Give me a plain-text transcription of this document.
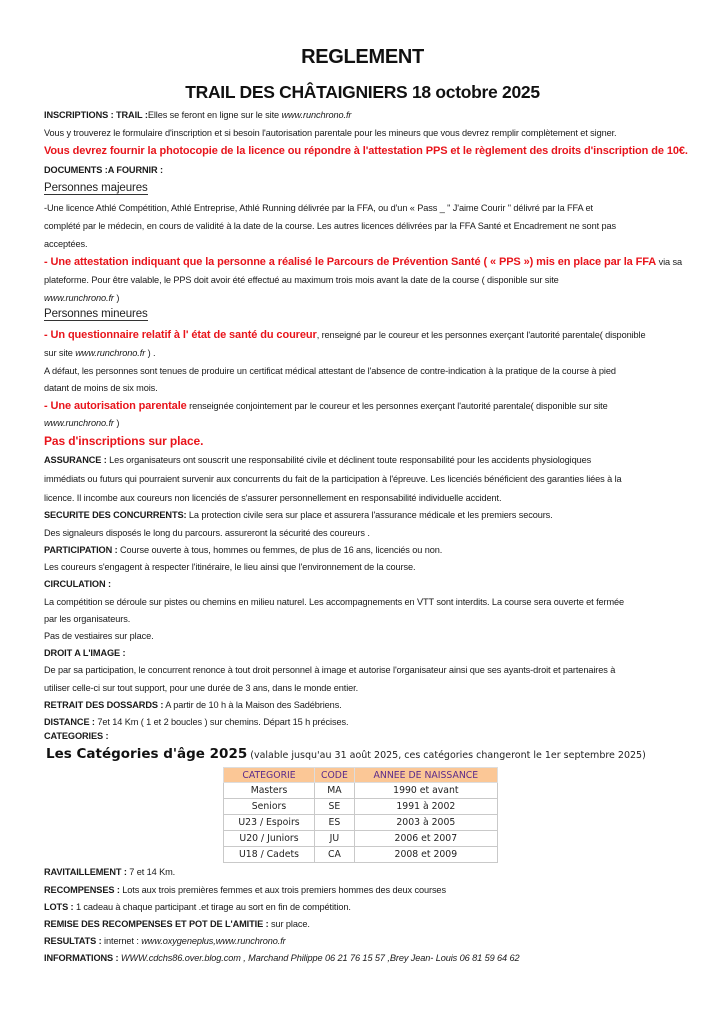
REGLEMENT
TRAIL DES CHÂTAIGNIERS 18 octobre 2025
INSCRIPTIONS : TRAIL :Elles se feront en ligne sur le site www.runchrono.fr
Vous y trouverez le formulaire d'inscription et si besoin l'autorisation parentale pour les mineurs que vous devrez remplir complètement et signer.
Vous devrez fournir la photocopie de la licence ou répondre à l'attestation PPS et le règlement des droits d'inscription de 10€.
DOCUMENTS :A FOURNIR :
Personnes majeures
-Une licence Athlé Compétition, Athlé Entreprise, Athlé Running délivrée par la FFA, ou d'un « Pass _ " J'aime Courir " délivré par la FFA et
complété par le médecin, en cours de validité à la date de la course. Les autres licences délivrées par la FFA Santé et Encadrement ne sont pas
acceptées.
- Une attestation indiquant que la personne a réalisé le Parcours de Prévention Santé ( « PPS ») mis en place par la FFA via sa
plateforme. Pour être valable, le PPS doit avoir été effectué au maximum trois mois avant la date de la course ( disponible sur site
www.runchrono.fr )
Personnes mineures
- Un questionnaire relatif à l' état de santé du coureur, renseigné par le coureur et les personnes exerçant l'autorité parentale( disponible
sur site www.runchrono.fr ) .
A défaut, les personnes sont tenues de produire un certificat médical attestant de l'absence de contre-indication à la pratique de la course à pied
datant de moins de six mois.
- Une autorisation parentale renseignée conjointement par le coureur et les personnes exerçant l'autorité parentale( disponible sur site
www.runchrono.fr )
Pas d'inscriptions sur place.
ASSURANCE : Les organisateurs ont souscrit une responsabilité civile et déclinent toute responsabilité pour les accidents physiologiques
immédiats ou futurs qui pourraient survenir aux concurrents du fait de la participation à l'épreuve. Les licenciés bénéficient des garanties liées à la
licence. Il incombe aux coureurs non licenciés de s'assurer personnellement en responsabilité individuelle accident.
SECURITE DES CONCURRENTS: La protection civile sera sur place et assurera l'assurance médicale et les premiers secours.
Des signaleurs disposés le long du parcours. assureront la sécurité des coureurs .
PARTICIPATION : Course ouverte à tous, hommes ou femmes, de plus de 16 ans, licenciés ou non.
Les coureurs s'engagent à respecter l'itinéraire, le lieu ainsi que l'environnement de la course.
CIRCULATION :
La compétition se déroule sur pistes ou chemins en milieu naturel. Les accompagnements en VTT sont interdits. La course sera ouverte et fermée
par les organisateurs.
Pas de vestiaires sur place.
DROIT A L'IMAGE :
De par sa participation, le concurrent renonce à tout droit personnel à image et autorise l'organisateur ainsi que ses ayants-droit et partenaires à
utiliser celle-ci sur tout support, pour une durée de 3 ans, dans le monde entier.
RETRAIT DES DOSSARDS : A partir de 10 h à la Maison des Sadébriens.
DISTANCE : 7et 14 Km ( 1 et 2 boucles ) sur chemins. Départ 15 h précises.
CATEGORIES :
Les Catégories d'âge 2025 (valable jusqu'au 31 août 2025, ces catégories changeront le 1er septembre 2025)
CATEGORIE	CODE	ANNEE DE NAISSANCE
Masters	MA	1990 et avant
Seniors	SE	1991 à 2002
U23 / Espoirs	ES	2003 à 2005
U20 / Juniors	JU	2006 et 2007
U18 / Cadets	CA	2008 et 2009
RAVITAILLEMENT : 7 et 14 Km.
RECOMPENSES : Lots aux trois premières femmes et aux trois premiers hommes des deux courses
LOTS : 1 cadeau à chaque participant .et tirage au sort en fin de compétition.
REMISE DES RECOMPENSES ET POT DE L'AMITIE : sur place.
RESULTATS : internet : www.oxygeneplus,www.runchrono.fr
INFORMATIONS : WWW.cdchs86.over.blog.com , Marchand Philippe 06 21 76 15 57 ,Brey Jean- Louis 06 81 59 64 62
